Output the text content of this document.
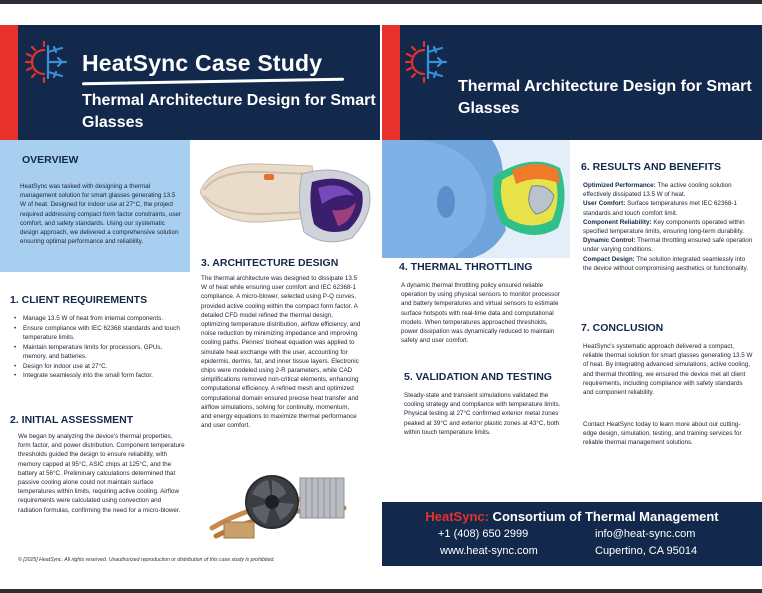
HeatSync Case Study
Thermal Architecture Design for Smart Glasses
Thermal Architecture Design for Smart Glasses
OVERVIEW
HeatSync was tasked with designing a thermal management solution for smart glasses generating 13.5 W of heat. Designed for indoor use at 27°C, the project required addressing compact form factor constraints, user comfort, and safety standards. Using our systematic design approach, we delivered a comprehensive solution ensuring optimal performance and reliability.
1. CLIENT REQUIREMENTS
• Manage 13.5 W of heat from internal components.
• Ensure compliance with IEC 62368 standards and touch temperature limits.
• Maintain temperature limits for processors, GPUs, memory, and batteries.
• Design for indoor use at 27°C.
• Integrate seamlessly into the small form factor.
2. INITIAL ASSESSMENT
We began by analyzing the device's thermal properties, form factor, and power distribution. Component temperature thresholds guided the design to ensure reliability, with memory capped at 95°C, ASIC chips at 125°C, and the battery at 56°C. Preliminary calculations determined that passive cooling alone could not maintain surface temperatures within limits, requiring active cooling. Airflow requirements were calculated using convection and radiation formulas, confirming the need for a micro-blower.
© [2025] HeatSync. All rights reserved. Unauthorized reproduction or distribution of this case study is prohibited.
3. ARCHITECTURE DESIGN
The thermal architecture was designed to dissipate 13.5 W of heat while ensuring user comfort and IEC 62368-1 compliance. A micro-blower, selected using P-Q curves, provided active cooling within the compact form factor. A detailed CFD model refined the thermal design, optimizing temperature distribution, airflow efficiency, and noise reduction by minimizing impedance and improving cooling paths. Pennes' bioheat equation was applied to simulate heat exchange with the user, accounting for epidermis, dermis, fat, and inner tissue layers. Electronic chips were modeled using 2-R parameters, while CAD simplifications removed non-critical elements, enhancing computational efficiency. A refined mesh and optimized computational domain ensured precise heat transfer and airflow simulations, solving for continuity, momentum, and energy equations to maximize thermal performance and user comfort.
4. THERMAL THROTTLING
A dynamic thermal throttling policy ensured reliable operation by using physical sensors to monitor processor and battery temperatures and virtual sensors to estimate surface hotspots with real-time data and computational models. When temperatures approached thresholds, power dissipation was dynamically reduced to maintain safety and user comfort.
5. VALIDATION AND TESTING
Steady-state and transient simulations validated the cooling strategy and compliance with temperature limits. Physical testing at 27°C confirmed exterior metal zones peaked at 39°C and exterior plastic zones at 43°C, both within touch temperature limits.
6. RESULTS AND BENEFITS

Optimized Performance: The active cooling solution effectively dissipated 13.5 W of heat.

User Comfort: Surface temperatures met IEC 62368-1 standards and touch comfort limit.

Component Reliability: Key components operated within specified temperature limits, ensuring long-term durability.

Dynamic Control: Thermal throttling ensured safe operation under varying conditions.

Compact Design: The solution integrated seamlessly into the device without compromising aesthetics or functionality.

7. CONCLUSION
HeatSync's systematic approach delivered a compact, reliable thermal solution for smart glasses generating 13.5 W of heat. By integrating advanced simulations, active cooling, and thermal throttling, we ensured the device met all client requirements, including compliance with safety standards and component reliability.
Contact HeatSync today to learn more about our cutting-edge design, simulation, testing, and training services for reliable thermal management solutions.
HeatSync: Consortium of Thermal Management
+1 (408) 650 2999	info@heat-sync.com
www.heat-sync.com	Cupertino, CA 95014
